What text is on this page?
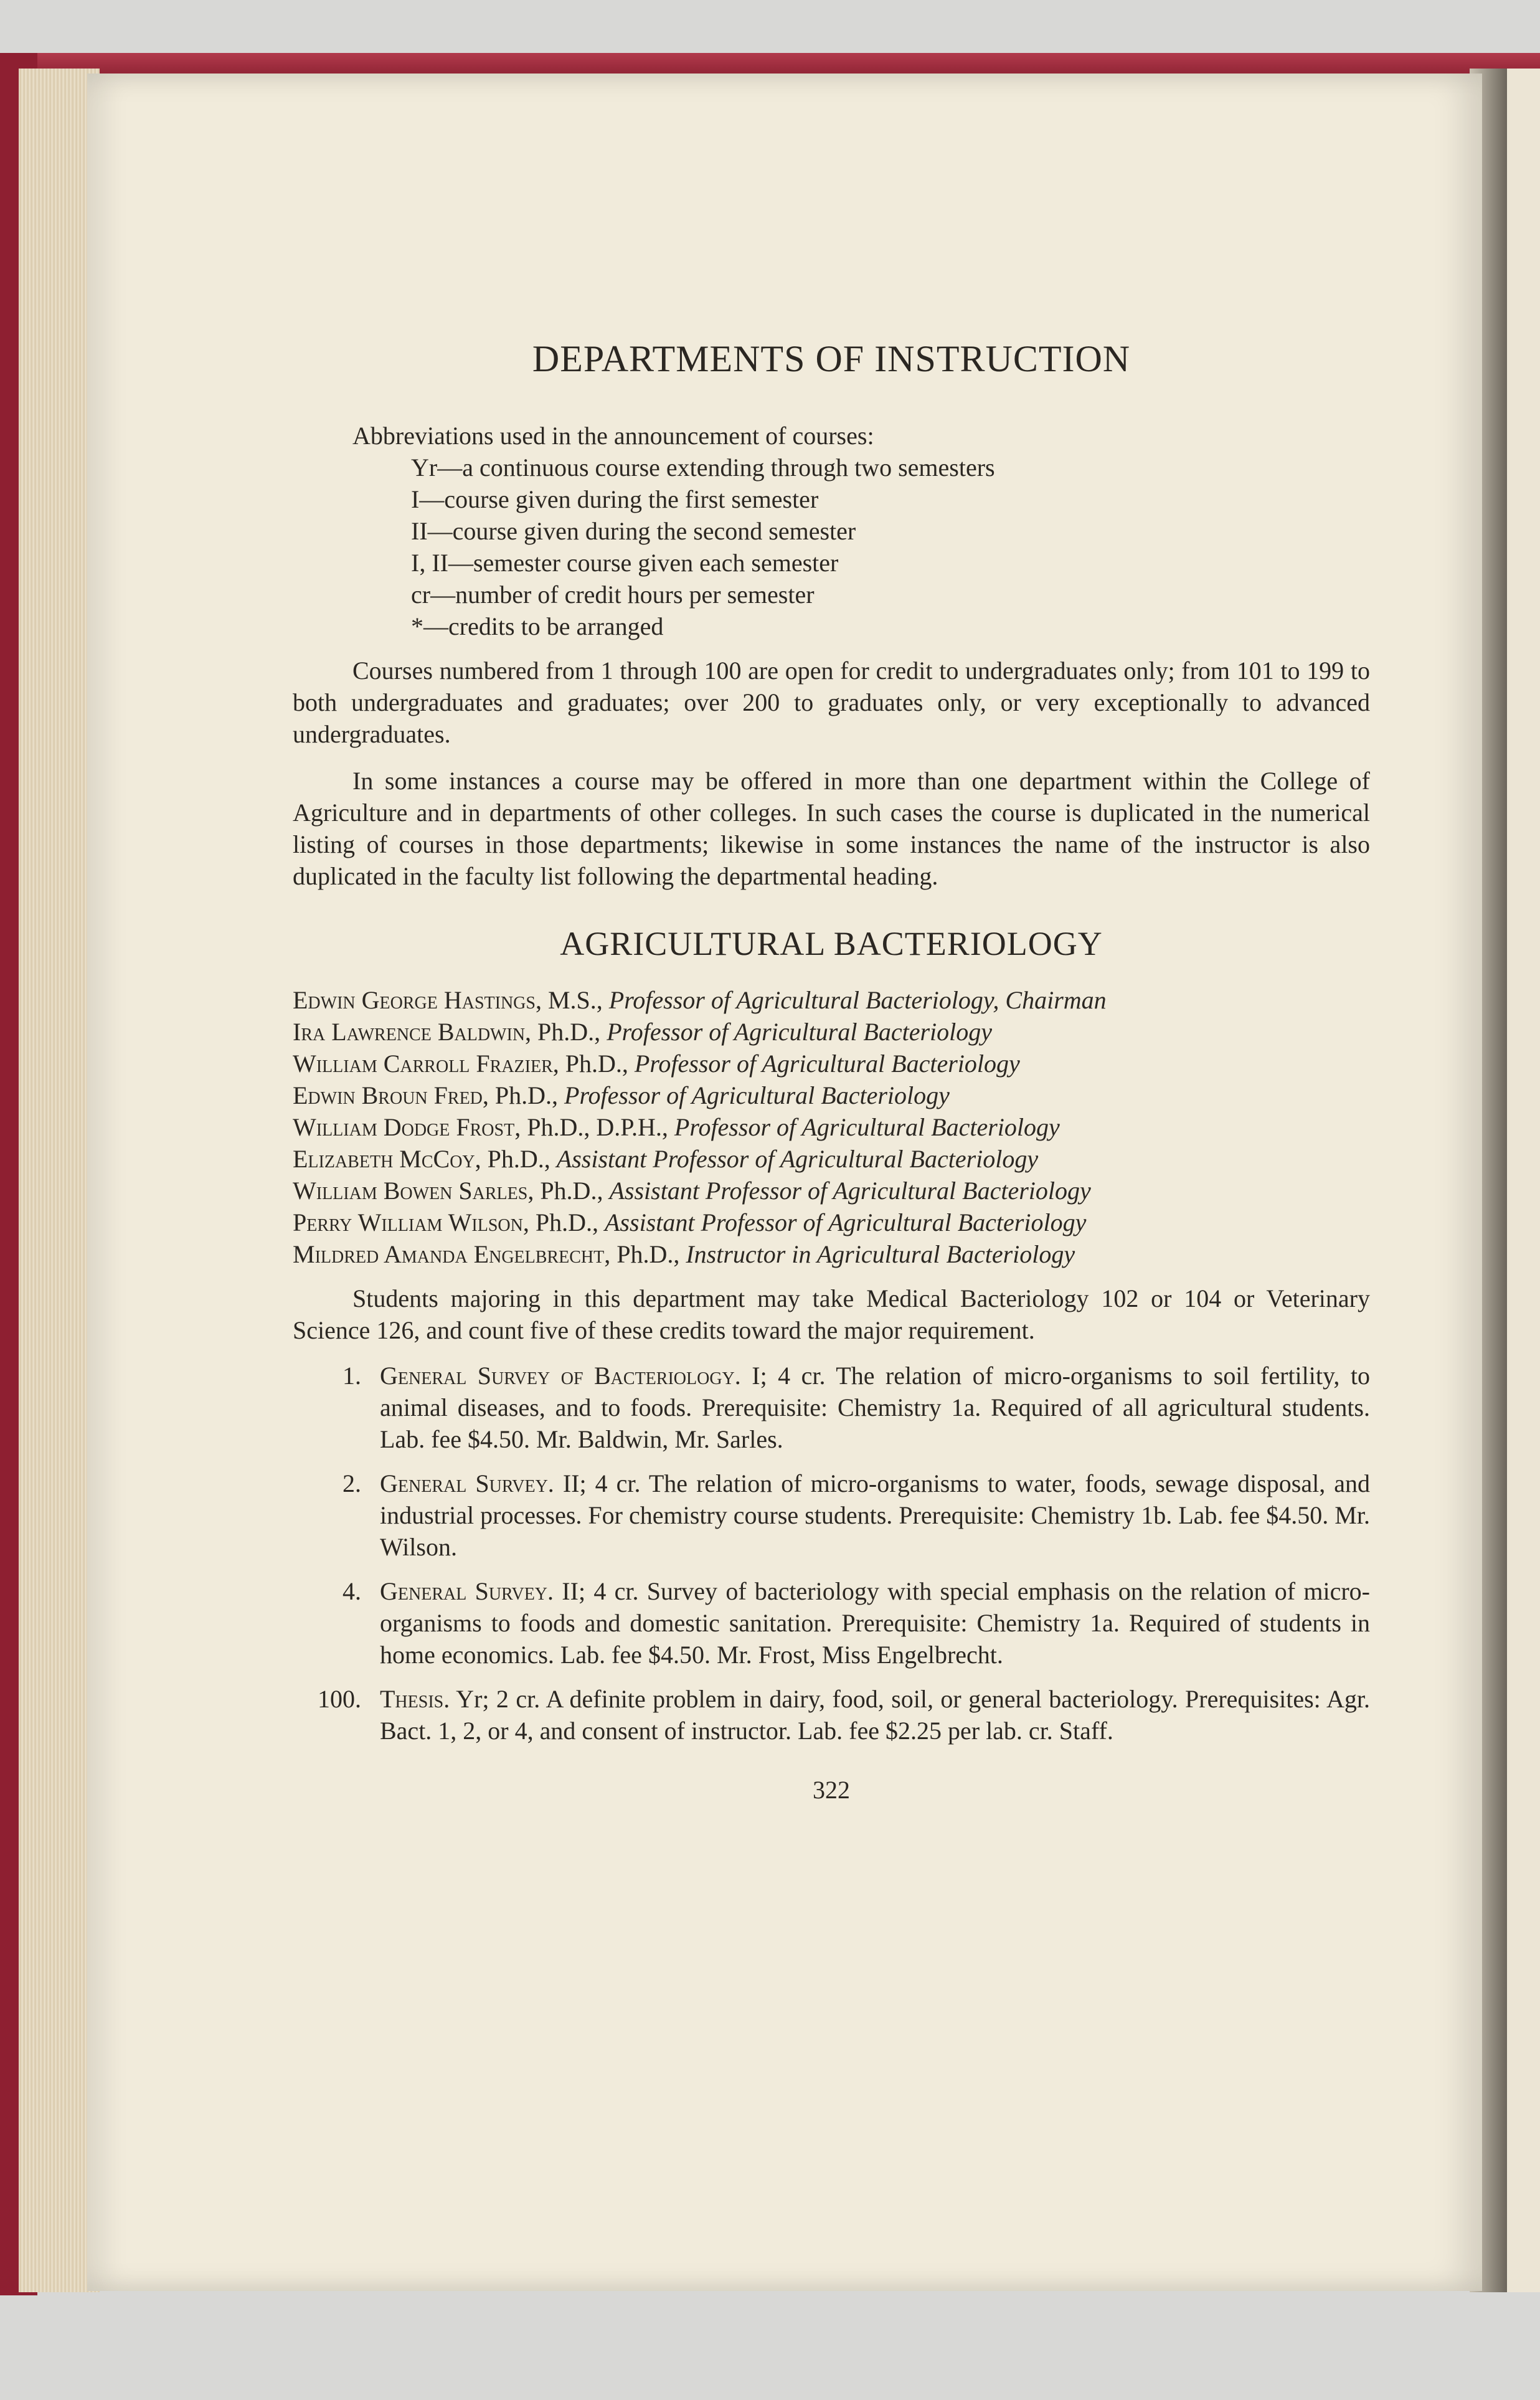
DEPARTMENTS OF INSTRUCTION

Abbreviations used in the announcement of courses:

Yr—a continuous course extending through two semesters
I—course given during the first semester
II—course given during the second semester
I, II—semester course given each semester
cr—number of credit hours per semester
*—credits to be arranged

Courses numbered from 1 through 100 are open for credit to undergraduates only; from 101 to 199 to both undergraduates and graduates; over 200 to graduates only, or very exceptionally to advanced undergraduates.

In some instances a course may be offered in more than one department within the College of Agriculture and in departments of other colleges. In such cases the course is duplicated in the numerical listing of courses in those departments; likewise in some instances the name of the instructor is also duplicated in the faculty list following the departmental heading.

AGRICULTURAL BACTERIOLOGY
Edwin George Hastings, M.S., Professor of Agricultural Bacteriology, Chairman
Ira Lawrence Baldwin, Ph.D., Professor of Agricultural Bacteriology
William Carroll Frazier, Ph.D., Professor of Agricultural Bacteriology
Edwin Broun Fred, Ph.D., Professor of Agricultural Bacteriology
William Dodge Frost, Ph.D., D.P.H., Professor of Agricultural Bacteriology
Elizabeth McCoy, Ph.D., Assistant Professor of Agricultural Bacteriology
William Bowen Sarles, Ph.D., Assistant Professor of Agricultural Bacteriology
Perry William Wilson, Ph.D., Assistant Professor of Agricultural Bacteriology
Mildred Amanda Engelbrecht, Ph.D., Instructor in Agricultural Bacteriology

Students majoring in this department may take Medical Bacteriology 102 or 104 or Veterinary Science 126, and count five of these credits toward the major requirement.

1. General Survey of Bacteriology. I; 4 cr. The relation of micro-organisms to soil fertility, to animal diseases, and to foods. Prerequisite: Chemistry 1a. Required of all agricultural students. Lab. fee $4.50. Mr. Baldwin, Mr. Sarles.
2. General Survey. II; 4 cr. The relation of micro-organisms to water, foods, sewage disposal, and industrial processes. For chemistry course students. Prerequisite: Chemistry 1b. Lab. fee $4.50. Mr. Wilson.
4. General Survey. II; 4 cr. Survey of bacteriology with special emphasis on the relation of micro-organisms to foods and domestic sanitation. Prerequisite: Chemistry 1a. Required of students in home economics. Lab. fee $4.50. Mr. Frost, Miss Engelbrecht.
100. Thesis. Yr; 2 cr. A definite problem in dairy, food, soil, or general bacteriology. Prerequisites: Agr. Bact. 1, 2, or 4, and consent of instructor. Lab. fee $2.25 per lab. cr. Staff.
322
